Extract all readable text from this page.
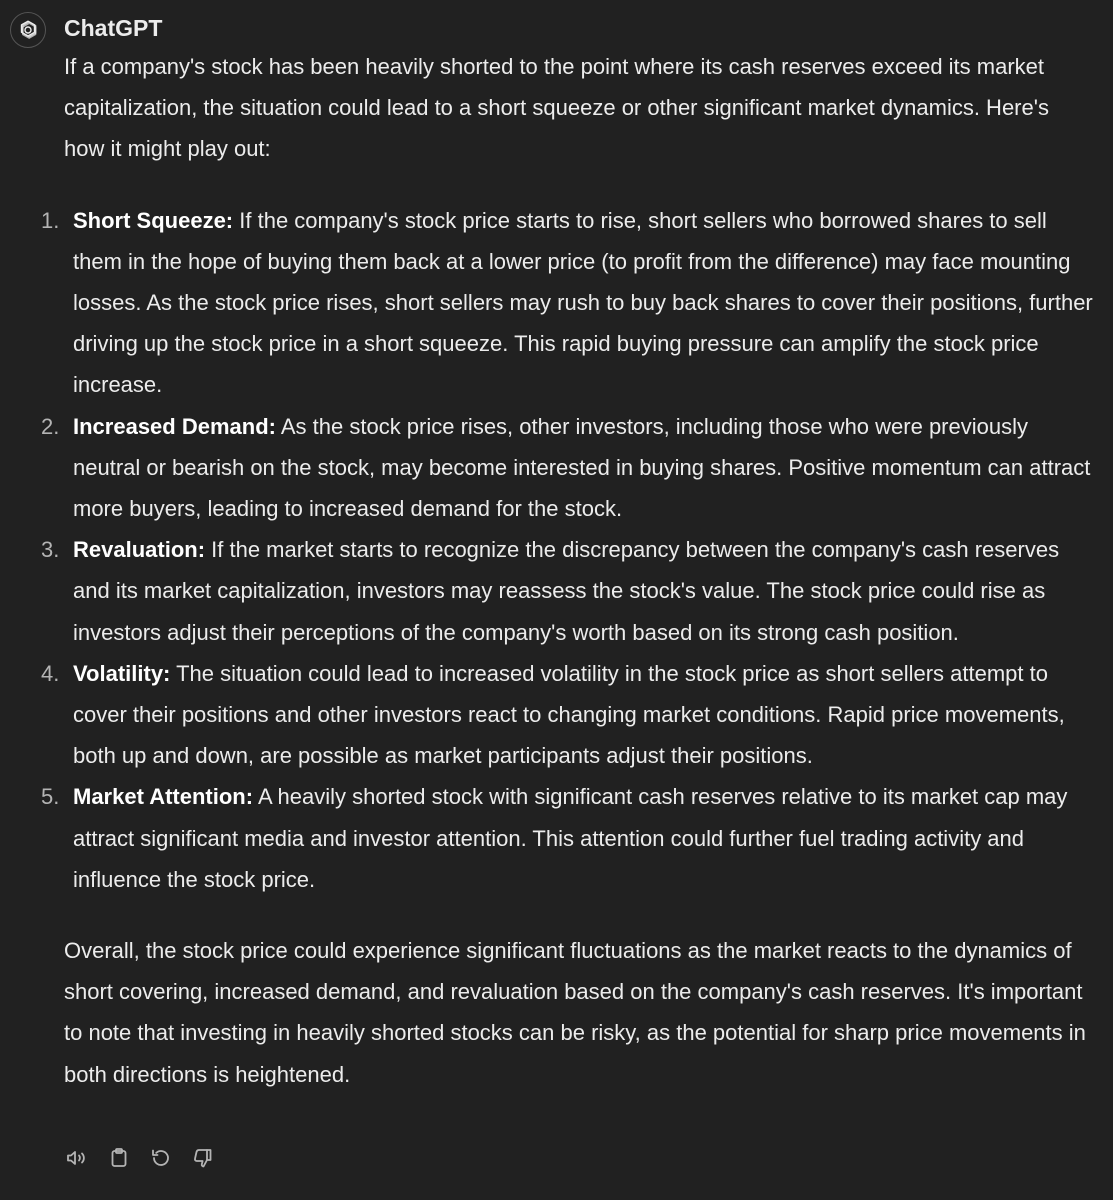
ChatGPT

If a company's stock has been heavily shorted to the point where its cash reserves exceed its market capitalization, the situation could lead to a short squeeze or other significant market dynamics. Here's how it might play out:

1. Short Squeeze: If the company's stock price starts to rise, short sellers who borrowed shares to sell them in the hope of buying them back at a lower price (to profit from the difference) may face mounting losses. As the stock price rises, short sellers may rush to buy back shares to cover their positions, further driving up the stock price in a short squeeze. This rapid buying pressure can amplify the stock price increase.
2. Increased Demand: As the stock price rises, other investors, including those who were previously neutral or bearish on the stock, may become interested in buying shares. Positive momentum can attract more buyers, leading to increased demand for the stock.
3. Revaluation: If the market starts to recognize the discrepancy between the company's cash reserves and its market capitalization, investors may reassess the stock's value. The stock price could rise as investors adjust their perceptions of the company's worth based on its strong cash position.
4. Volatility: The situation could lead to increased volatility in the stock price as short sellers attempt to cover their positions and other investors react to changing market conditions. Rapid price movements, both up and down, are possible as market participants adjust their positions.
5. Market Attention: A heavily shorted stock with significant cash reserves relative to its market cap may attract significant media and investor attention. This attention could further fuel trading activity and influence the stock price.

Overall, the stock price could experience significant fluctuations as the market reacts to the dynamics of short covering, increased demand, and revaluation based on the company's cash reserves. It's important to note that investing in heavily shorted stocks can be risky, as the potential for sharp price movements in both directions is heightened.
